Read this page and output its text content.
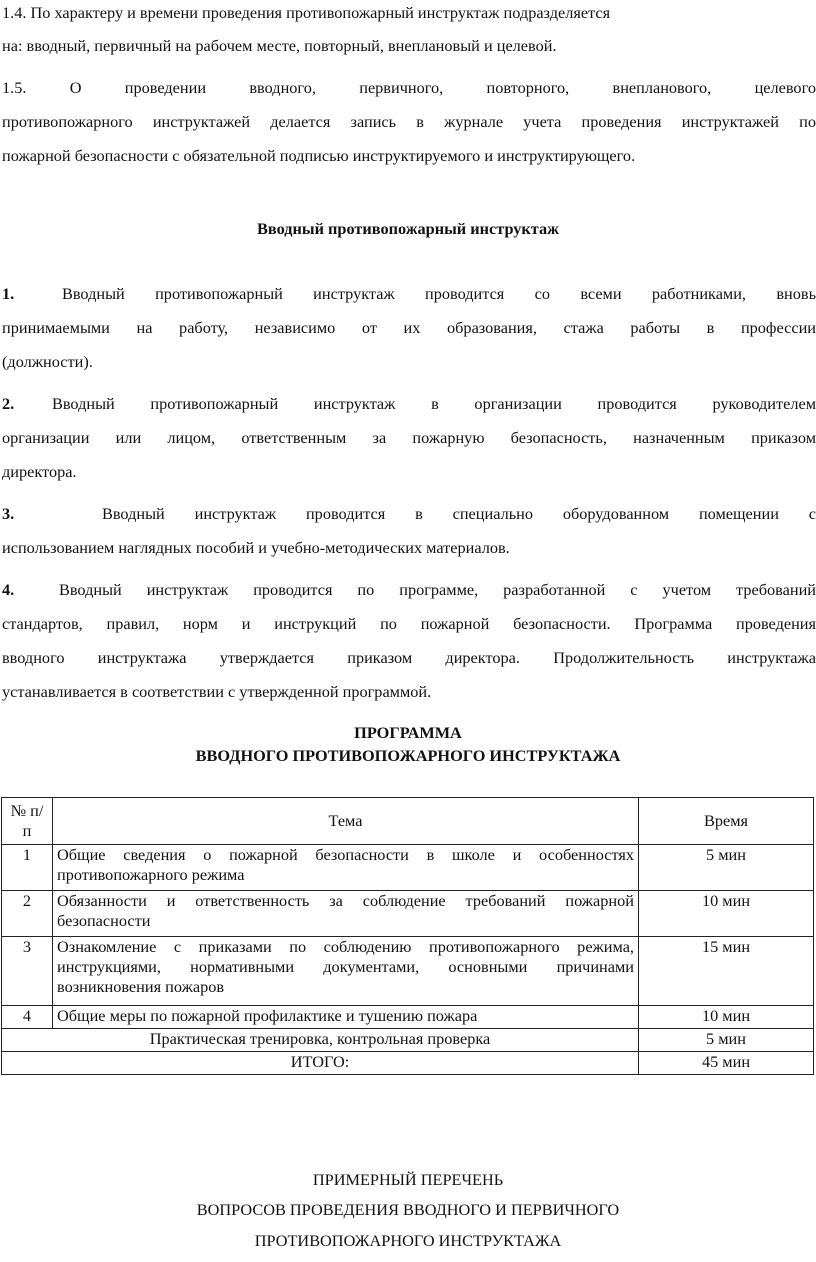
1.4. По характеру и времени проведения противопожарный инструктаж подразделяется

на: вводный, первичный на рабочем месте, повторный, внеплановый и целевой.

1.5. О проведении вводного, первичного, повторного, внепланового, целевого

противопожарного инструктажей делается запись в журнале учета проведения инструктажей по

пожарной безопасности с обязательной подписью инструктируемого и инструктирующего.

Вводный противопожарный инструктаж

1.	Вводный противопожарный инструктаж проводится со всеми работниками, вновь

принимаемыми на работу, независимо от их образования, стажа работы в профессии

(должности).

2.	Вводный противопожарный инструктаж в организации проводится руководителем

организации или лицом, ответственным за пожарную безопасность, назначенным приказом

директора.

3.	Вводный инструктаж проводится в специально оборудованном помещении с

использованием наглядных пособий и учебно-методических материалов.

4.	Вводный инструктаж проводится по программе, разработанной с учетом требований

стандартов, правил, норм и инструкций по пожарной безопасности. Программа проведения

вводного инструктажа утверждается приказом директора. Продолжительность инструктажа

устанавливается в соответствии с утвержденной программой.

ПРОГРАММА

ВВОДНОГО ПРОТИВОПОЖАРНОГО ИНСТРУКТАЖА

№ п/п	Тема	Время
1	Общие сведения о пожарной безопасности в школе и особенностях противопожарного режима	5 мин
2	Обязанности и ответственность за соблюдение требований пожарной безопасности	10 мин
3	Ознакомление с приказами по соблюдению противопожарного режима, инструкциями, нормативными документами, основными причинами возникновения пожаров	15 мин
4	Общие меры по пожарной профилактике и тушению пожара	10 мин
Практическая тренировка, контрольная проверка		5 мин
ИТОГО:		45 мин

ПРИМЕРНЫЙ ПЕРЕЧЕНЬ

ВОПРОСОВ ПРОВЕДЕНИЯ ВВОДНОГО И ПЕРВИЧНОГО

ПРОТИВОПОЖАРНОГО ИНСТРУКТАЖА
